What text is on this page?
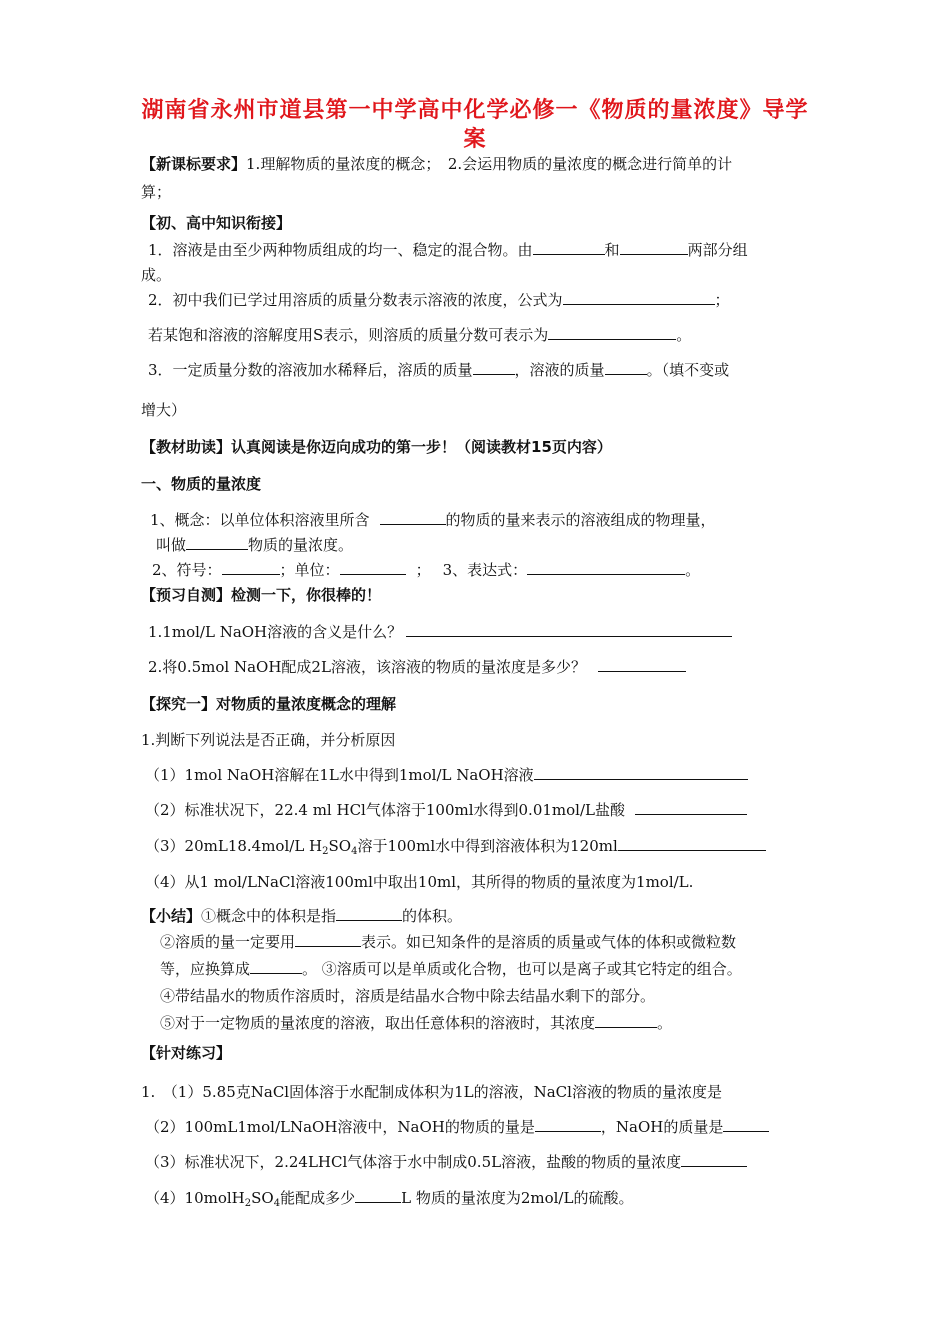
湖南省永州市道县第一中学高中化学必修一《物质的量浓度》导学案
【新课标要求】1.理解物质的量浓度的概念；　2.会运用物质的量浓度的概念进行简单的计
算；
【初、高中知识衔接】
1．溶液是由至少两种物质组成的均一、稳定的混合物。由	和	两部分组
成。
2．初中我们已学过用溶质的质量分数表示溶液的浓度，公式为	；
若某饱和溶液的溶解度用S表示，则溶质的质量分数可表示为	。
3．一定质量分数的溶液加水稀释后，溶质的质量	，溶液的质量	。（填不变或
增大）
【教材助读】认真阅读是你迈向成功的第一步！（阅读教材15页内容）
一、物质的量浓度
1、概念：以单位体积溶液里所含	的物质的量来表示的溶液组成的物理量，
叫做	物质的量浓度。
2、符号：	；单位：	； 3、表达式：	。
【预习自测】检测一下，你很棒的！
1.1mol/L NaOH溶液的含义是什么？
2.将0.5mol NaOH配成2L溶液，该溶液的物质的量浓度是多少？
【探究一】对物质的量浓度概念的理解
1.判断下列说法是否正确，并分析原因
（1）1mol NaOH溶解在1L水中得到1mol/L NaOH溶液
（2）标准状况下，22.4 ml HCl气体溶于100ml水得到0.01mol/L盐酸
（3）20mL18.4mol/L $H_2SO_4$溶于100ml水中得到溶液体积为120ml
（4）从1 mol/LNaCl溶液100ml中取出10ml，其所得的物质的量浓度为1mol/L.
【小结】①概念中的体积是指	的体积。
②溶质的量一定要用	表示。如已知条件的是溶质的质量或气体的体积或微粒数
等，应换算成	。 ③溶质可以是单质或化合物，也可以是离子或其它特定的组合。
④带结晶水的物质作溶质时，溶质是结晶水合物中除去结晶水剩下的部分。
⑤对于一定物质的量浓度的溶液，取出任意体积的溶液时，其浓度	。
【针对练习】
1.　（1）5.85克NaCl固体溶于水配制成体积为1L的溶液，NaCl溶液的物质的量浓度是
（2）100mL1mol/LNaOH溶液中，NaOH的物质的量是	，NaOH的质量是
（3）标准状况下，2.24LHCl气体溶于水中制成0.5L溶液，盐酸的物质的量浓度
$(4)10molH_2SO_4$能配成多少	L 物质的量浓度为2mol/L的硫酸。
